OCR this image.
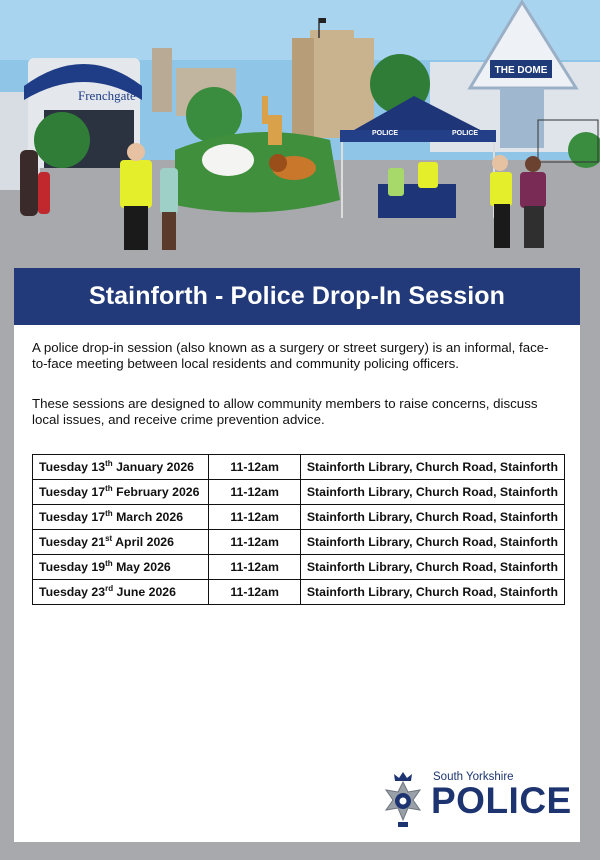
THE DOME
Frenchgate
POLICE	POLICE
Stainforth - Police Drop-In Session
A police drop-in session (also known as a surgery or street surgery) is an informal, face-to-face meeting between local residents and community policing officers.
These sessions are designed to allow community members to raise concerns, discuss local issues, and receive crime prevention advice.
Tuesday 13th January 2026	11-12am	Stainforth Library, Church Road, Stainforth
Tuesday 17th February 2026	11-12am	Stainforth Library, Church Road, Stainforth
Tuesday 17th March 2026	11-12am	Stainforth Library, Church Road, Stainforth
Tuesday 21st April 2026	11-12am	Stainforth Library, Church Road, Stainforth
Tuesday 19th May 2026	11-12am	Stainforth Library, Church Road, Stainforth
Tuesday 23rd June 2026	11-12am	Stainforth Library, Church Road, Stainforth
South Yorkshire
POLICE
